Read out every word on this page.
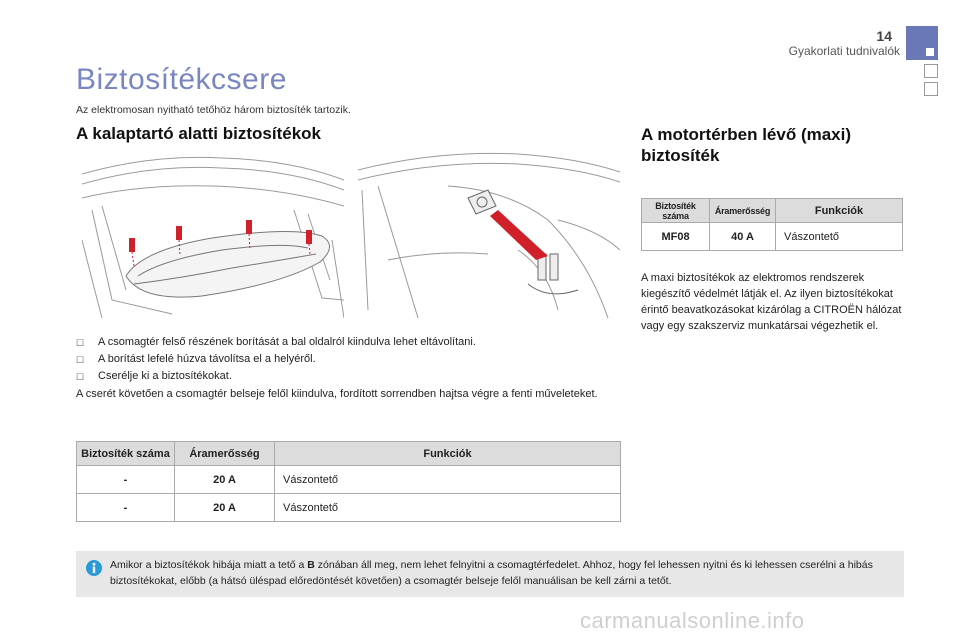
14
Gyakorlati tudnivalók
Biztosítékcsere
Az elektromosan nyitható tetőhöz három biztosíték tartozik.
A kalaptartó alatti biztosítékok	A motortérben lévő (maxi) biztosíték
☐	A csomagtér felső részének borítását a bal oldalról kiindulva lehet eltávolítani.
☐	A borítást lefelé húzva távolítsa el a helyéről.
☐	Cserélje ki a biztosítékokat.
A cserét követően a csomagtér belseje felől kiindulva, fordított sorrendben hajtsa végre a fenti műveleteket.
Biztosíték száma	Áramerősség	Funkciók
-	20 A	Vászontető
-	20 A	Vászontető
Biztosíték száma	Áramerősség	Funkciók
MF08	40 A	Vászontető
A maxi biztosítékok az elektromos rendszerek kiegészítő védelmét látják el. Az ilyen biztosítékokat érintő beavatkozásokat kizárólag a CITROËN hálózat vagy egy szakszerviz munkatársai végezhetik el.
Amikor a biztosítékok hibája miatt a tető a B zónában áll meg, nem lehet felnyitni a csomagtérfedelet. Ahhoz, hogy fel lehessen nyitni és ki lehessen cserélni a hibás biztosítékokat, előbb (a hátsó üléspad előredöntését követően) a csomagtér belseje felől manuálisan be kell zárni a tetőt.
carmanualsonline.info
